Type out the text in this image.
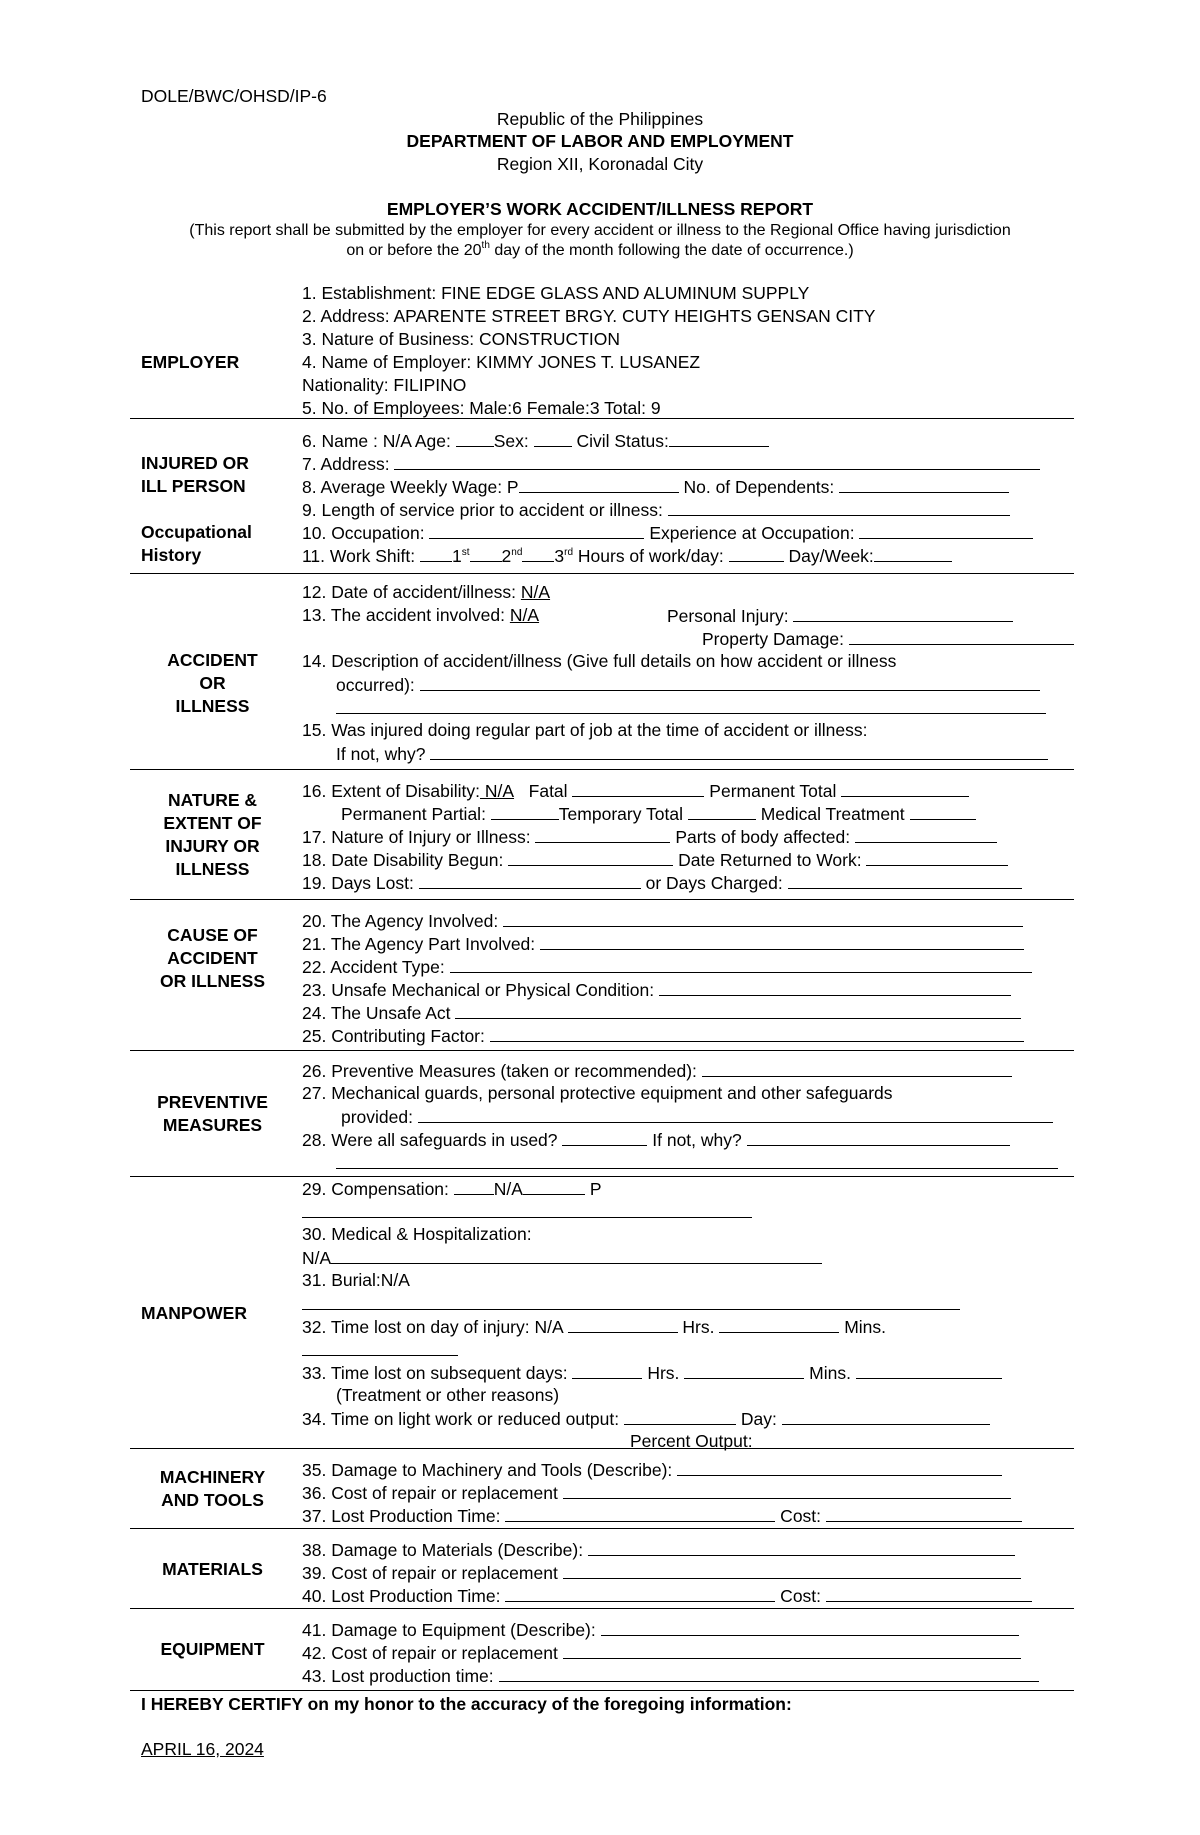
DOLE/BWC/OHSD/IP-6
Republic of the Philippines
DEPARTMENT OF LABOR AND EMPLOYMENT
Region XII, Koronadal City
EMPLOYER’S WORK ACCIDENT/ILLNESS REPORT
(This report shall be submitted by the employer for every accident or illness to the Regional Office having jurisdiction
on or before the 20th day of the month following the date of occurrence.)
EMPLOYER
1. Establishment: FINE EDGE GLASS AND ALUMINUM SUPPLY
2. Address: APARENTE STREET BRGY. CUTY HEIGHTS GENSAN CITY
3. Nature of Business: CONSTRUCTION
4. Name of Employer: KIMMY JONES T. LUSANEZ
Nationality: FILIPINO
5. No. of Employees: Male:6 Female:3 Total: 9
INJURED OR
ILL PERSON
Occupational
History
6. Name : N/A Age: Sex:  Civil Status:
7. Address:
8. Average Weekly Wage: P	No. of Dependents:
9. Length of service prior to accident or illness:
10. Occupation:	Experience at Occupation:
11. Work Shift: 1st 2nd 3rd Hours of work/day:	Day/Week:
ACCIDENT
OR
ILLNESS
12. Date of accident/illness: N/A
13. The accident involved: N/A	Personal Injury:
Property Damage:
14. Description of accident/illness (Give full details on how accident or illness
occurred):
15. Was injured doing regular part of job at the time of accident or illness:
If not, why?
NATURE &
EXTENT OF
INJURY OR
ILLNESS
16. Extent of Disability: N/A Fatal	Permanent Total
Permanent Partial:	Temporary Total	Medical Treatment
17. Nature of Injury or Illness:	Parts of body affected:
18. Date Disability Begun:	Date Returned to Work:
19. Days Lost:	or Days Charged:
CAUSE OF
ACCIDENT
OR ILLNESS
20. The Agency Involved:
21. The Agency Part Involved:
22. Accident Type:
23. Unsafe Mechanical or Physical Condition:
24. The Unsafe Act
25. Contributing Factor:
PREVENTIVE
MEASURES
26. Preventive Measures (taken or recommended):
27. Mechanical guards, personal protective equipment and other safeguards
provided:
28. Were all safeguards in used?	If not, why?
MANPOWER
29. Compensation: N/A	P
30. Medical & Hospitalization:
N/A
31. Burial:N/A
32. Time lost on day of injury: N/A	Hrs.	Mins.
33. Time lost on subsequent days:	Hrs.	Mins.
(Treatment or other reasons)
34. Time on light work or reduced output:	Day:
Percent Output:
MACHINERY
AND TOOLS
35. Damage to Machinery and Tools (Describe):
36. Cost of repair or replacement
37. Lost Production Time:	Cost:
MATERIALS
38. Damage to Materials (Describe):
39. Cost of repair or replacement
40. Lost Production Time:	Cost:
EQUIPMENT
41. Damage to Equipment (Describe):
42. Cost of repair or replacement
43. Lost production time:
I HEREBY CERTIFY on my honor to the accuracy of the foregoing information:
APRIL 16, 2024
